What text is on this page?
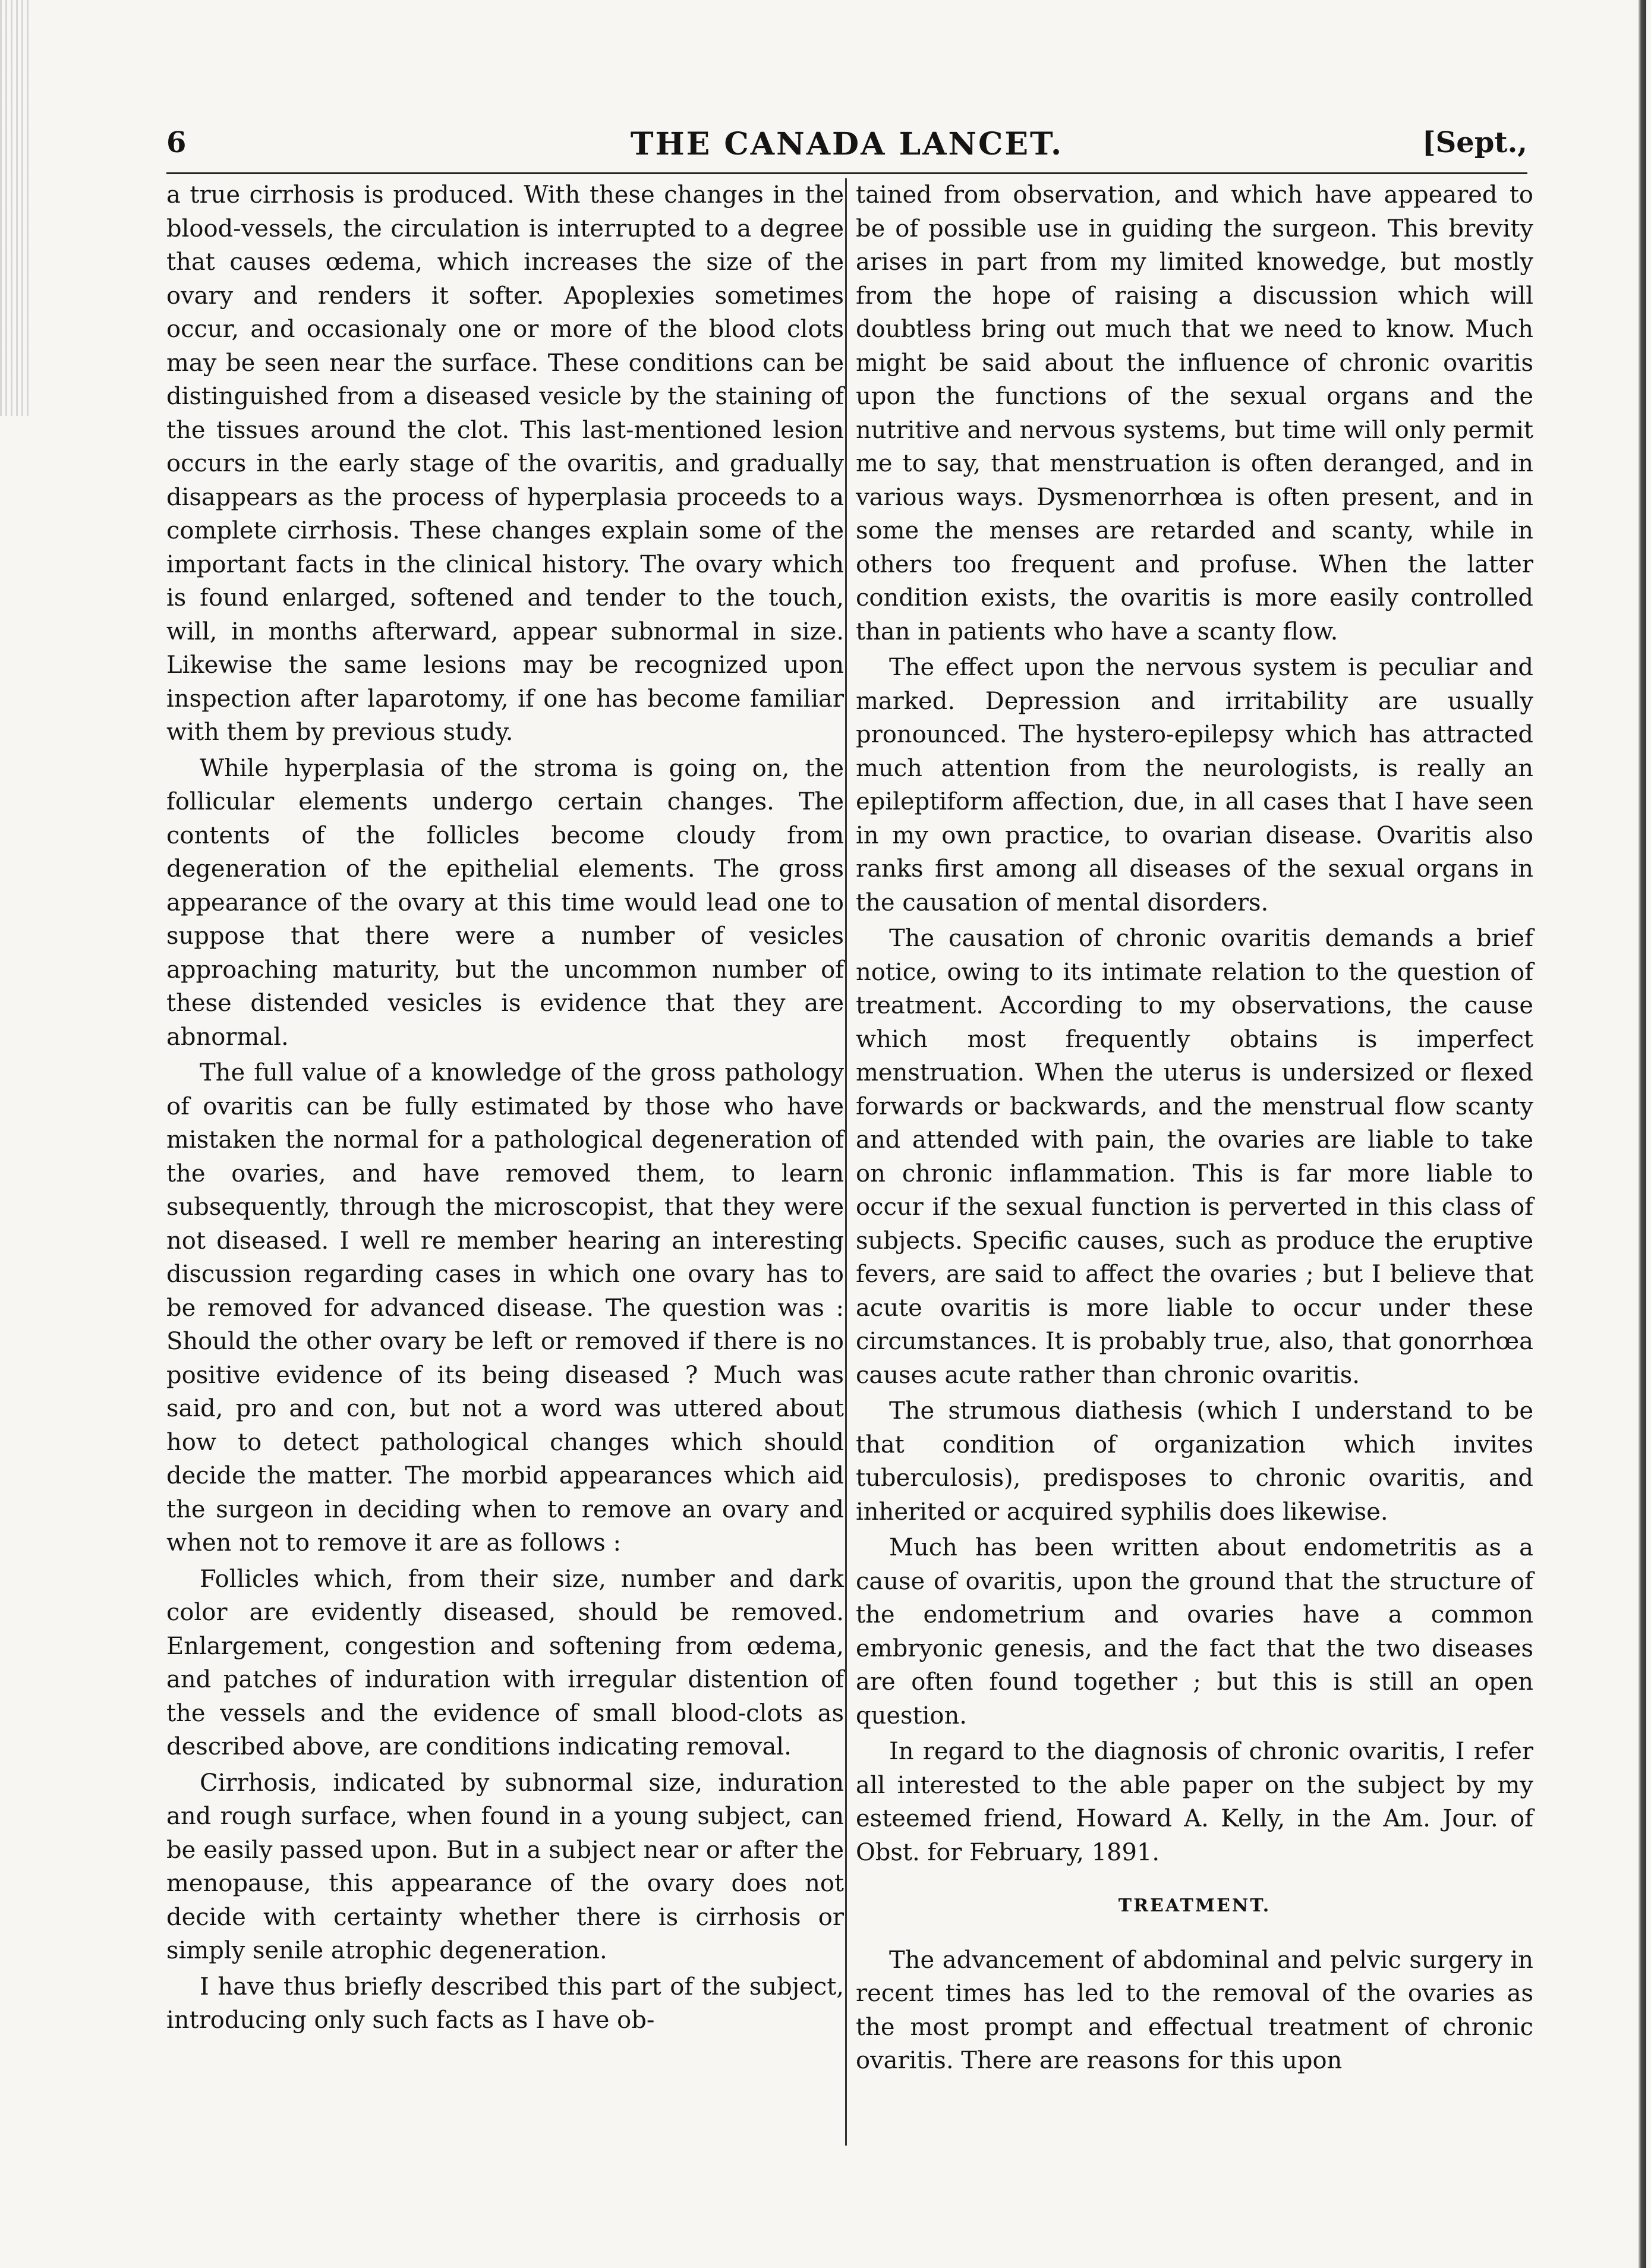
6	THE CANADA LANCET.	[Sept.,

a true cirrhosis is produced. With these changes in the blood-vessels, the circulation is interrupted to a degree that causes œdema, which increases the size of the ovary and renders it softer. Apoplexies sometimes occur, and occasionaly one or more of the blood clots may be seen near the surface. These conditions can be distinguished from a diseased vesicle by the staining of the tissues around the clot. This last-mentioned lesion occurs in the early stage of the ovaritis, and gradually disappears as the process of hyperplasia proceeds to a complete cirrhosis. These changes explain some of the important facts in the clinical history. The ovary which is found enlarged, softened and tender to the touch, will, in months afterward, appear subnormal in size. Likewise the same lesions may be recognized upon inspection after laparotomy, if one has become familiar with them by previous study.

While hyperplasia of the stroma is going on, the follicular elements undergo certain changes. The contents of the follicles become cloudy from degeneration of the epithelial elements. The gross appearance of the ovary at this time would lead one to suppose that there were a number of vesicles approaching maturity, but the uncommon number of these distended vesicles is evidence that they are abnormal.

The full value of a knowledge of the gross pathology of ovaritis can be fully estimated by those who have mistaken the normal for a pathological degeneration of the ovaries, and have removed them, to learn subsequently, through the microscopist, that they were not diseased. I well re member hearing an interesting discussion regarding cases in which one ovary has to be removed for advanced disease. The question was : Should the other ovary be left or removed if there is no positive evidence of its being diseased ? Much was said, pro and con, but not a word was uttered about how to detect pathological changes which should decide the matter. The morbid appearances which aid the surgeon in deciding when to remove an ovary and when not to remove it are as follows :

Follicles which, from their size, number and dark color are evidently diseased, should be removed. Enlargement, congestion and softening from œdema, and patches of induration with irregular distention of the vessels and the evidence of small blood-clots as described above, are conditions indicating removal.

Cirrhosis, indicated by subnormal size, induration and rough surface, when found in a young subject, can be easily passed upon. But in a subject near or after the menopause, this appearance of the ovary does not decide with certainty whether there is cirrhosis or simply senile atrophic degeneration.

I have thus briefly described this part of the subject, introducing only such facts as I have ob-

tained from observation, and which have appeared to be of possible use in guiding the surgeon. This brevity arises in part from my limited knowedge, but mostly from the hope of raising a discussion which will doubtless bring out much that we need to know. Much might be said about the influence of chronic ovaritis upon the functions of the sexual organs and the nutritive and nervous systems, but time will only permit me to say, that menstruation is often deranged, and in various ways. Dysmenorrhœa is often present, and in some the menses are retarded and scanty, while in others too frequent and profuse. When the latter condition exists, the ovaritis is more easily controlled than in patients who have a scanty flow.

The effect upon the nervous system is peculiar and marked. Depression and irritability are usually pronounced. The hystero-epilepsy which has attracted much attention from the neurologists, is really an epileptiform affection, due, in all cases that I have seen in my own practice, to ovarian disease. Ovaritis also ranks first among all diseases of the sexual organs in the causation of mental disorders.

The causation of chronic ovaritis demands a brief notice, owing to its intimate relation to the question of treatment. According to my observations, the cause which most frequently obtains is imperfect menstruation. When the uterus is undersized or flexed forwards or backwards, and the menstrual flow scanty and attended with pain, the ovaries are liable to take on chronic inflammation. This is far more liable to occur if the sexual function is perverted in this class of subjects. Specific causes, such as produce the eruptive fevers, are said to affect the ovaries ; but I believe that acute ovaritis is more liable to occur under these circumstances. It is probably true, also, that gonorrhœa causes acute rather than chronic ovaritis.

The strumous diathesis (which I understand to be that condition of organization which invites tuberculosis), predisposes to chronic ovaritis, and inherited or acquired syphilis does likewise.

Much has been written about endometritis as a cause of ovaritis, upon the ground that the structure of the endometrium and ovaries have a common embryonic genesis, and the fact that the two diseases are often found together ; but this is still an open question.

In regard to the diagnosis of chronic ovaritis, I refer all interested to the able paper on the subject by my esteemed friend, Howard A. Kelly, in the Am. Jour. of Obst. for February, 1891.

TREATMENT.

The advancement of abdominal and pelvic surgery in recent times has led to the removal of the ovaries as the most prompt and effectual treatment of chronic ovaritis. There are reasons for this upon
